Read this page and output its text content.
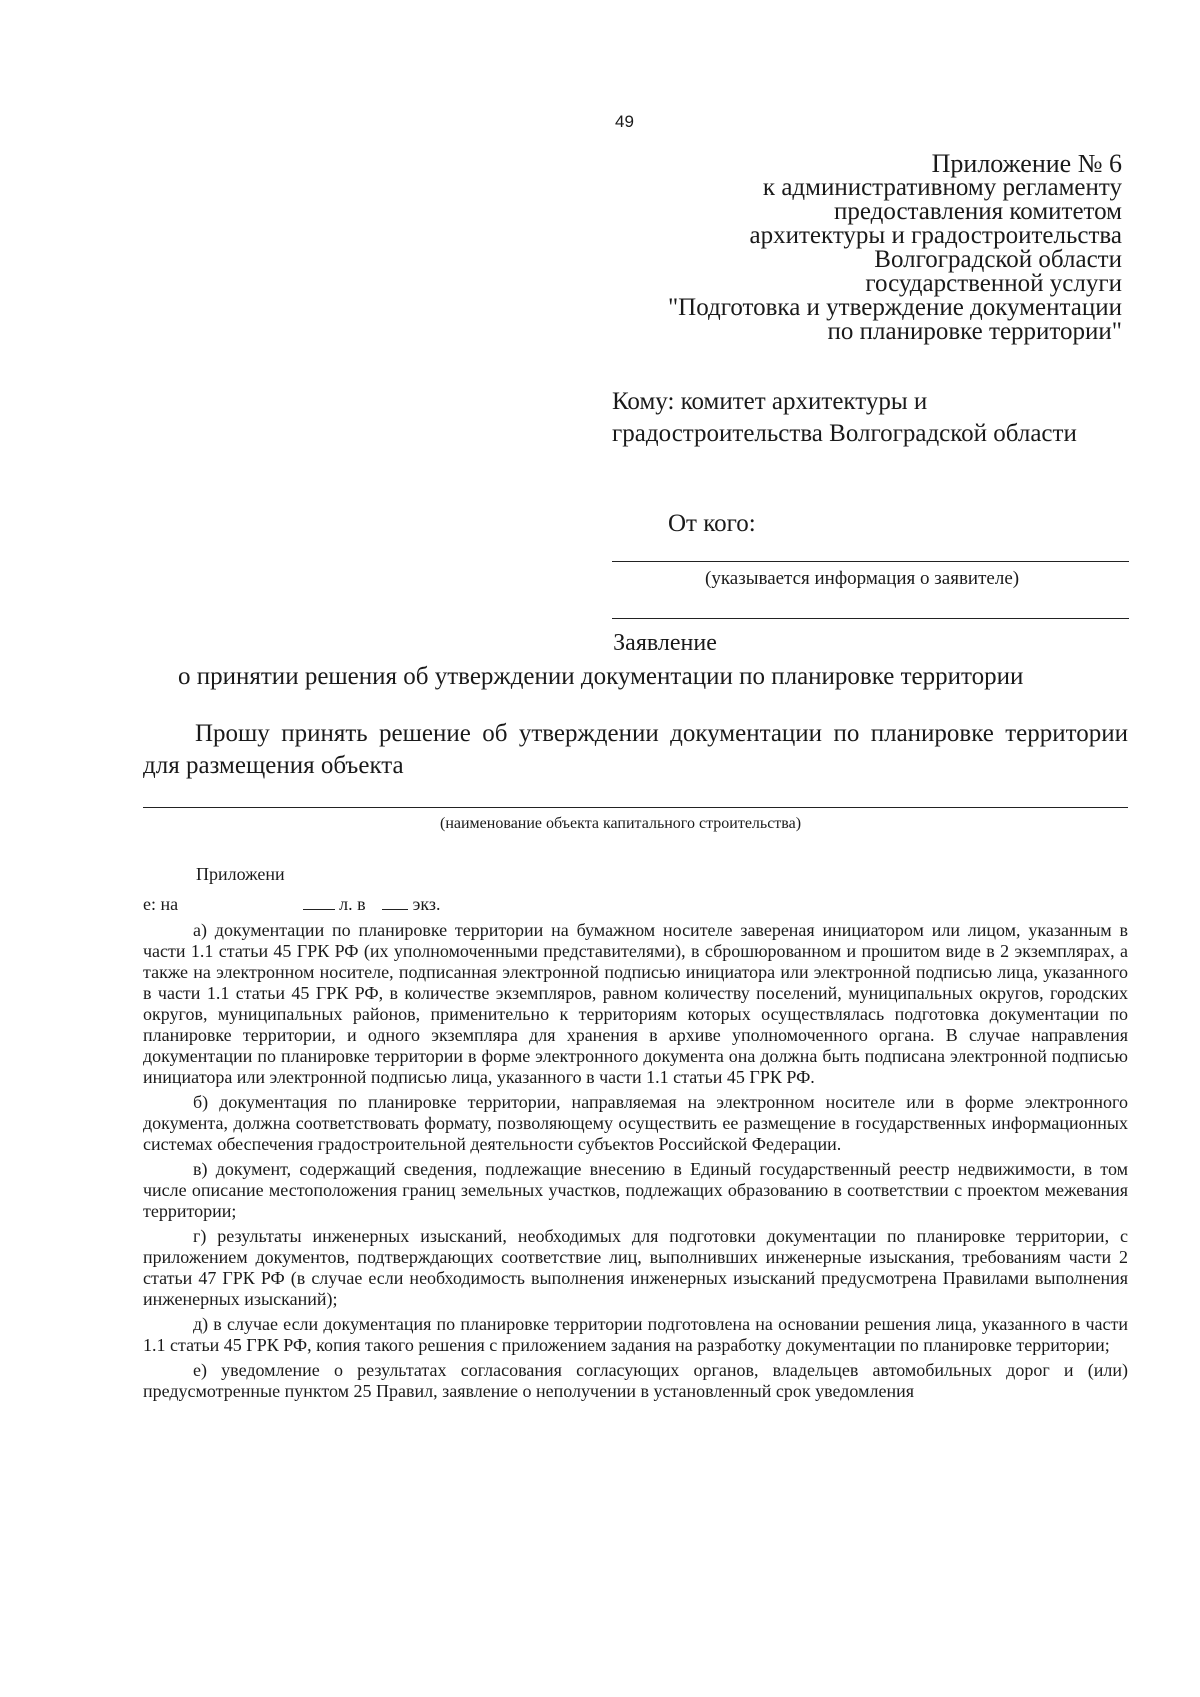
49
Приложение № 6
к административному регламенту
предоставления комитетом
архитектуры и градостроительства
Волгоградской области
государственной услуги
"Подготовка и утверждение документации
по планировке территории"
Кому: комитет архитектуры и градостроительства Волгоградской области
От кого:
(указывается информация о заявителе)
Заявление
о принятии решения об утверждении документации по планировке территории
Прошу принять решение об утверждении документации по планировке территории для размещения объекта
(наименование объекта капитального строительства)
Приложени
е: на	л. в	экз.

а) документации по планировке территории на бумажном носителе завереная инициатором или лицом, указанным в части 1.1 статьи 45 ГРК РФ (их уполномоченными представителями), в сброшюрованном и прошитом виде в 2 экземплярах, а также на электронном носителе, подписанная электронной подписью инициатора или электронной подписью лица, указанного в части 1.1 статьи 45 ГРК РФ, в количестве экземпляров, равном количеству поселений, муниципальных округов, городских округов, муниципальных районов, применительно к территориям которых осуществлялась подготовка документации по планировке территории, и одного экземпляра для хранения в архиве уполномоченного органа. В случае направления документации по планировке территории в форме электронного документа она должна быть подписана электронной подписью инициатора или электронной подписью лица, указанного в части 1.1 статьи 45 ГРК РФ.

б) документация по планировке территории, направляемая на электронном носителе или в форме электронного документа, должна соответствовать формату, позволяющему осуществить ее размещение в государственных информационных системах обеспечения градостроительной деятельности субъектов Российской Федерации.

в) документ, содержащий сведения, подлежащие внесению в Единый государственный реестр недвижимости, в том числе описание местоположения границ земельных участков, подлежащих образованию в соответствии с проектом межевания территории;

г) результаты инженерных изысканий, необходимых для подготовки документации по планировке территории, с приложением документов, подтверждающих соответствие лиц, выполнивших инженерные изыскания, требованиям части 2 статьи 47 ГРК РФ (в случае если необходимость выполнения инженерных изысканий предусмотрена Правилами выполнения инженерных изысканий);

д) в случае если документация по планировке территории подготовлена на основании решения лица, указанного в части 1.1 статьи 45 ГРК РФ, копия такого решения с приложением задания на разработку документации по планировке территории;

е) уведомление о результатах согласования согласующих органов, владельцев автомобильных дорог и (или) предусмотренные пунктом 25 Правил, заявление о неполучении в установленный срок уведомления
